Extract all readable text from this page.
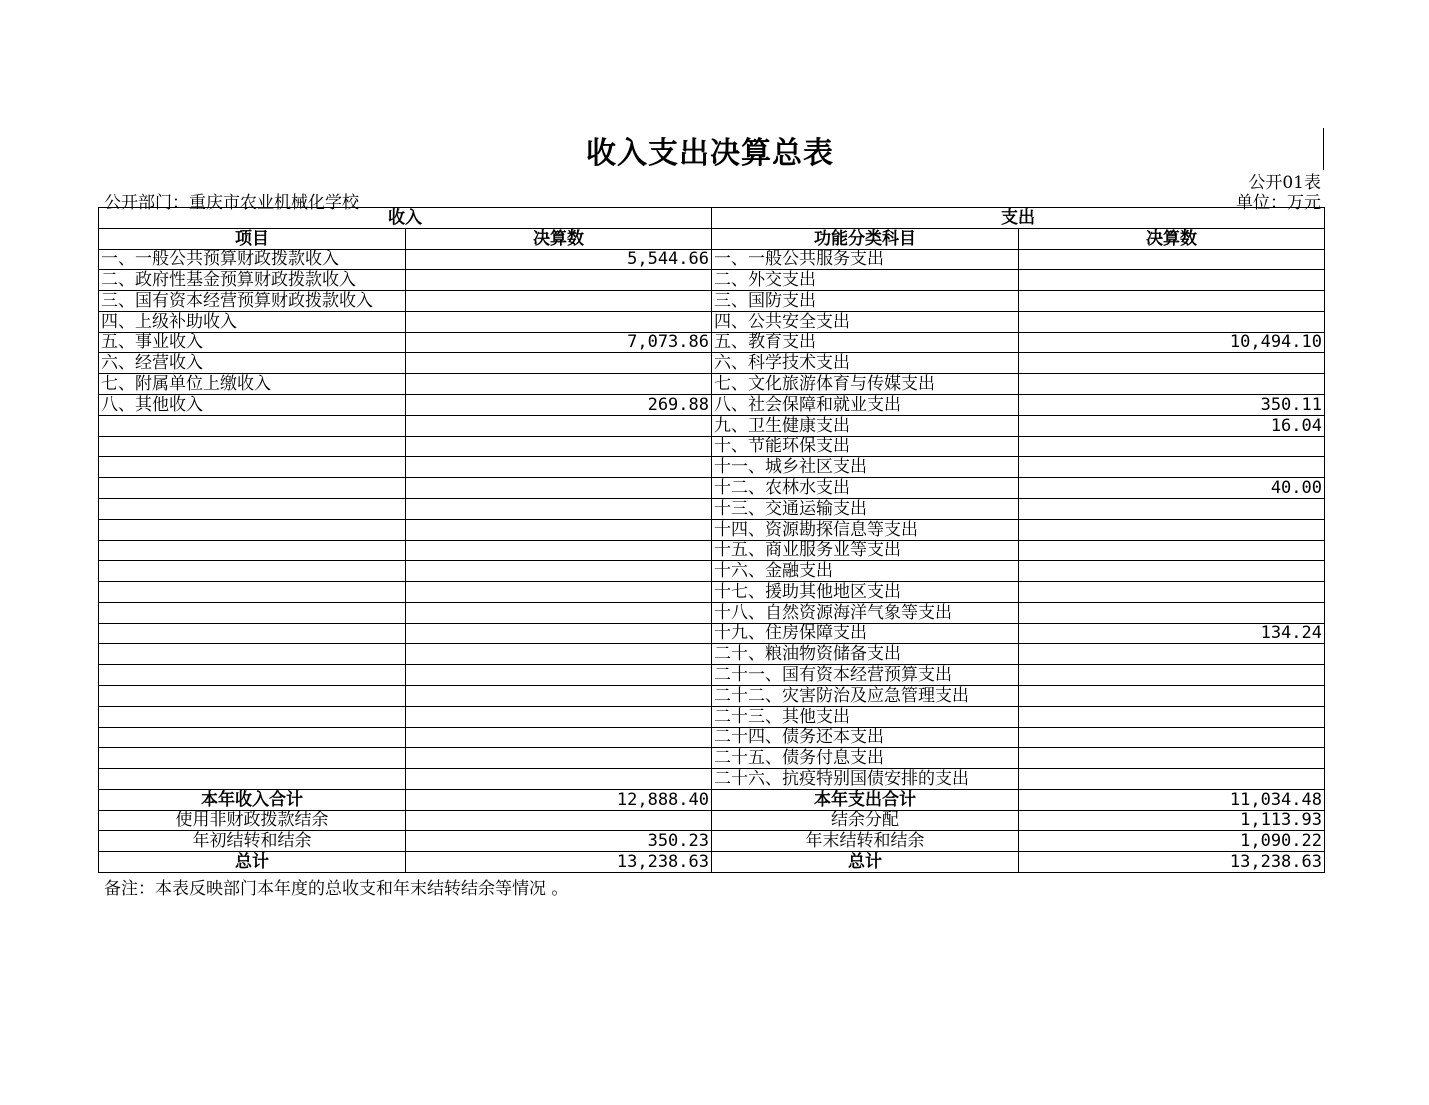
收入支出决算总表
公开01表
公开部门：重庆市农业机械化学校	单位：万元
收入		支出	
项目	决算数	功能分类科目	决算数
一、一般公共预算财政拨款收入	5,544.66	一、一般公共服务支出	
二、政府性基金预算财政拨款收入		二、外交支出	
三、国有资本经营预算财政拨款收入		三、国防支出	
四、上级补助收入		四、公共安全支出	
五、事业收入	7,073.86	五、教育支出	10,494.10
六、经营收入		六、科学技术支出	
七、附属单位上缴收入		七、文化旅游体育与传媒支出	
八、其他收入	269.88	八、社会保障和就业支出	350.11
		九、卫生健康支出	16.04
		十、节能环保支出	
		十一、城乡社区支出	
		十二、农林水支出	40.00
		十三、交通运输支出	
		十四、资源勘探信息等支出	
		十五、商业服务业等支出	
		十六、金融支出	
		十七、援助其他地区支出	
		十八、自然资源海洋气象等支出	
		十九、住房保障支出	134.24
		二十、粮油物资储备支出	
		二十一、国有资本经营预算支出	
		二十二、灾害防治及应急管理支出	
		二十三、其他支出	
		二十四、债务还本支出	
		二十五、债务付息支出	
		二十六、抗疫特别国债安排的支出	
本年收入合计	12,888.40	本年支出合计	11,034.48
使用非财政拨款结余		结余分配	1,113.93
年初结转和结余	350.23	年末结转和结余	1,090.22
总计	13,238.63	总计	13,238.63
备注：本表反映部门本年度的总收支和年末结转结余等情况 。
